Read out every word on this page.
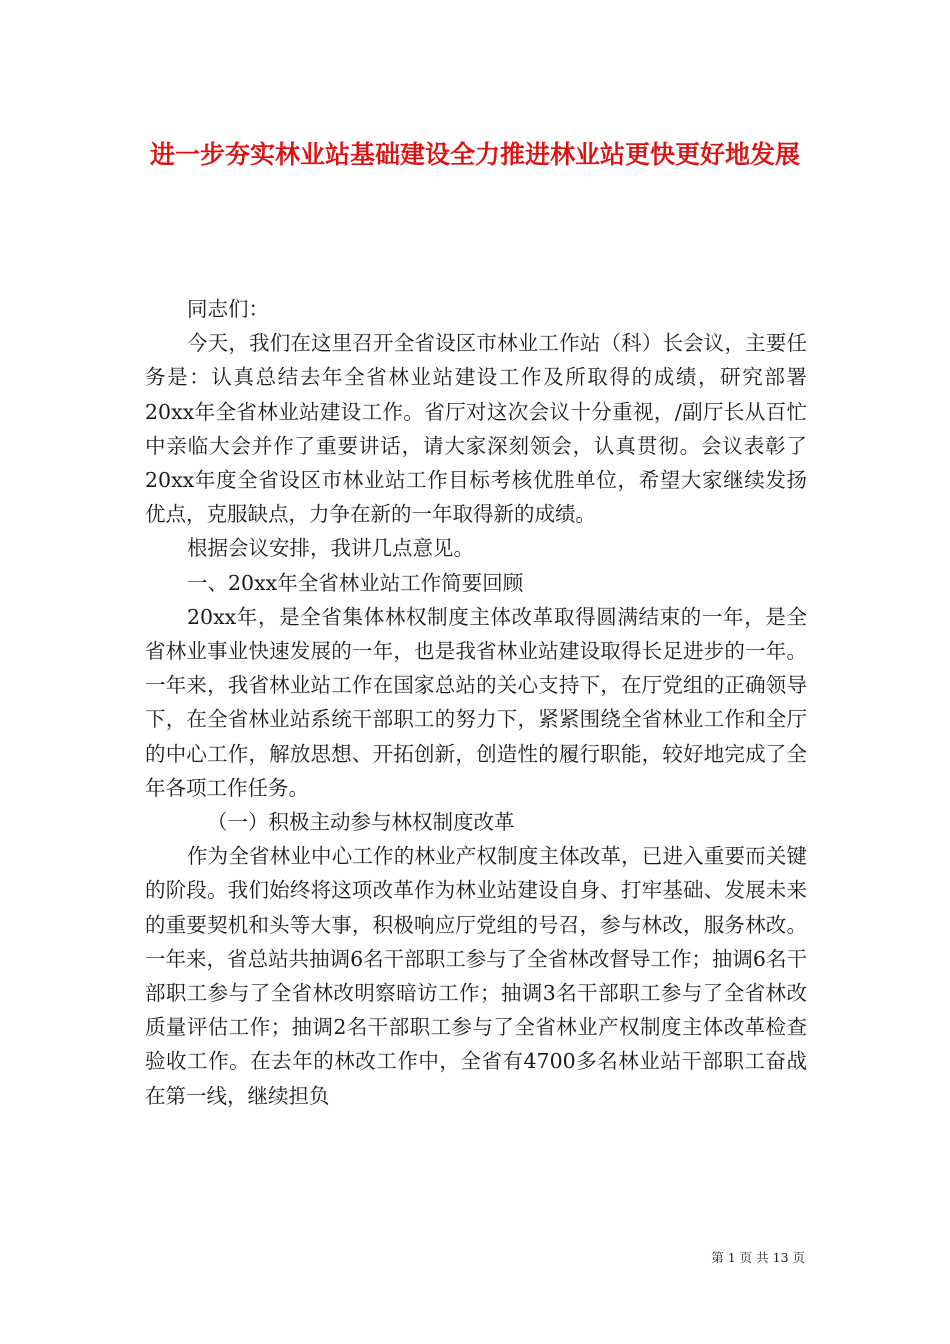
进一步夯实林业站基础建设全力推进林业站更快更好地发展

同志们：

今天，我们在这里召开全省设区市林业工作站（科）长会议，主要任务是：认真总结去年全省林业站建设工作及所取得的成绩，研究部署20xx年全省林业站建设工作。省厅对这次会议十分重视，/副厅长从百忙中亲临大会并作了重要讲话，请大家深刻领会，认真贯彻。会议表彰了20xx年度全省设区市林业站工作目标考核优胜单位，希望大家继续发扬优点，克服缺点，力争在新的一年取得新的成绩。

根据会议安排，我讲几点意见。

一、20xx年全省林业站工作简要回顾

20xx年，是全省集体林权制度主体改革取得圆满结束的一年，是全省林业事业快速发展的一年，也是我省林业站建设取得长足进步的一年。一年来，我省林业站工作在国家总站的关心支持下，在厅党组的正确领导下，在全省林业站系统干部职工的努力下，紧紧围绕全省林业工作和全厅的中心工作，解放思想、开拓创新，创造性的履行职能，较好地完成了全年各项工作任务。

（一）积极主动参与林权制度改革

作为全省林业中心工作的林业产权制度主体改革，已进入重要而关键的阶段。我们始终将这项改革作为林业站建设自身、打牢基础、发展未来的重要契机和头等大事，积极响应厅党组的号召，参与林改，服务林改。一年来，省总站共抽调6名干部职工参与了全省林改督导工作；抽调6名干部职工参与了全省林改明察暗访工作；抽调3名干部职工参与了全省林改质量评估工作；抽调2名干部职工参与了全省林业产权制度主体改革检查验收工作。在去年的林改工作中，全省有4700多名林业站干部职工奋战在第一线，继续担负

第 1 页 共 13 页
